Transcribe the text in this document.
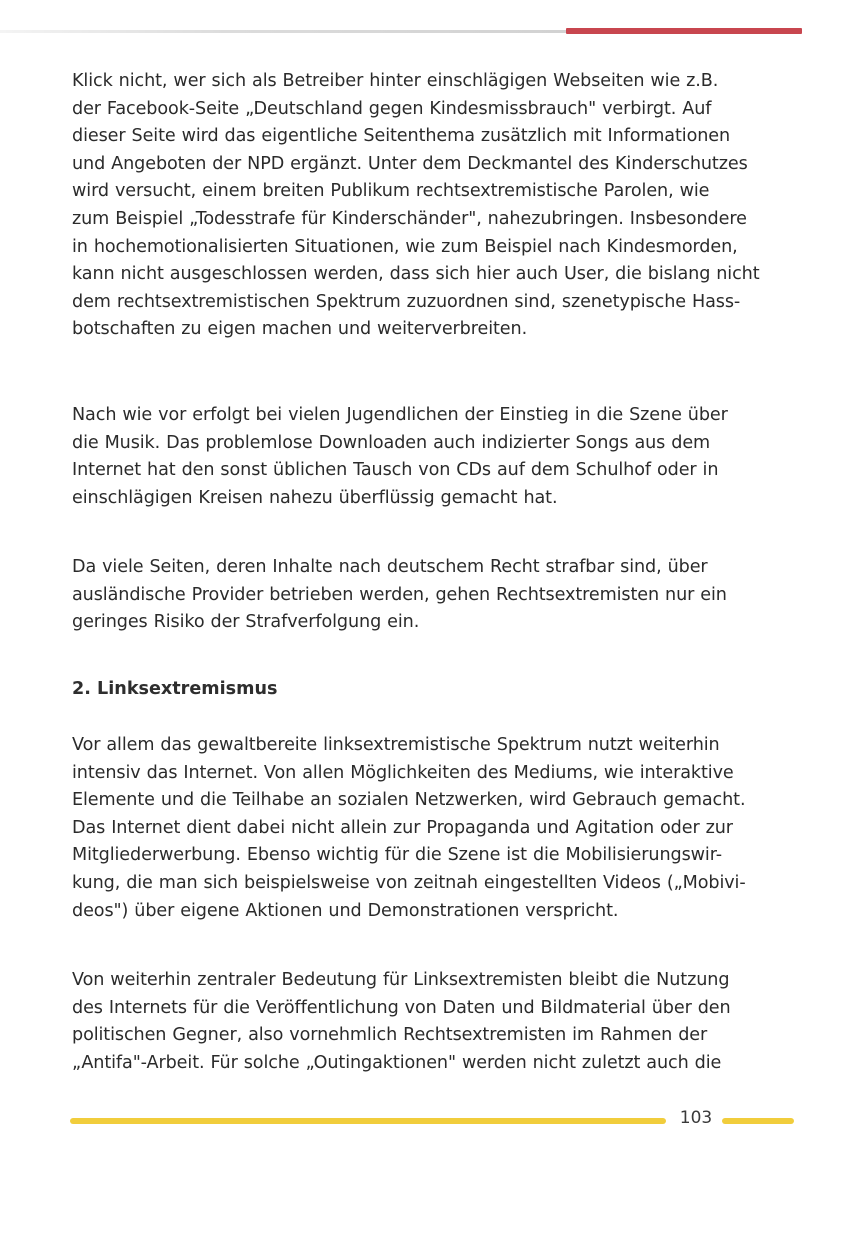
Klick nicht, wer sich als Betreiber hinter einschlägigen Webseiten wie z.B.
der Facebook-Seite „Deutschland gegen Kindesmissbrauch" verbirgt. Auf
dieser Seite wird das eigentliche Seitenthema zusätzlich mit Informationen
und Angeboten der NPD ergänzt. Unter dem Deckmantel des Kinderschutzes
wird versucht, einem breiten Publikum rechtsextremistische Parolen, wie
zum Beispiel „Todesstrafe für Kinderschänder", nahezubringen. Insbesondere
in hochemotionalisierten Situationen, wie zum Beispiel nach Kindesmorden,
kann nicht ausgeschlossen werden, dass sich hier auch User, die bislang nicht
dem rechtsextremistischen Spektrum zuzuordnen sind, szenetypische Hass-
botschaften zu eigen machen und weiterverbreiten.

Nach wie vor erfolgt bei vielen Jugendlichen der Einstieg in die Szene über
die Musik. Das problemlose Downloaden auch indizierter Songs aus dem
Internet hat den sonst üblichen Tausch von CDs auf dem Schulhof oder in
einschlägigen Kreisen nahezu überflüssig gemacht hat.

Da viele Seiten, deren Inhalte nach deutschem Recht strafbar sind, über
ausländische Provider betrieben werden, gehen Rechtsextremisten nur ein
geringes Risiko der Strafverfolgung ein.

2. Linksextremismus

Vor allem das gewaltbereite linksextremistische Spektrum nutzt weiterhin
intensiv das Internet. Von allen Möglichkeiten des Mediums, wie interaktive
Elemente und die Teilhabe an sozialen Netzwerken, wird Gebrauch gemacht.
Das Internet dient dabei nicht allein zur Propaganda und Agitation oder zur
Mitgliederwerbung. Ebenso wichtig für die Szene ist die Mobilisierungswir-
kung, die man sich beispielsweise von zeitnah eingestellten Videos („Mobivi-
deos") über eigene Aktionen und Demonstrationen verspricht.

Von weiterhin zentraler Bedeutung für Linksextremisten bleibt die Nutzung
des Internets für die Veröffentlichung von Daten und Bildmaterial über den
politischen Gegner, also vornehmlich Rechtsextremisten im Rahmen der
„Antifa"-Arbeit. Für solche „Outingaktionen" werden nicht zuletzt auch die

103
